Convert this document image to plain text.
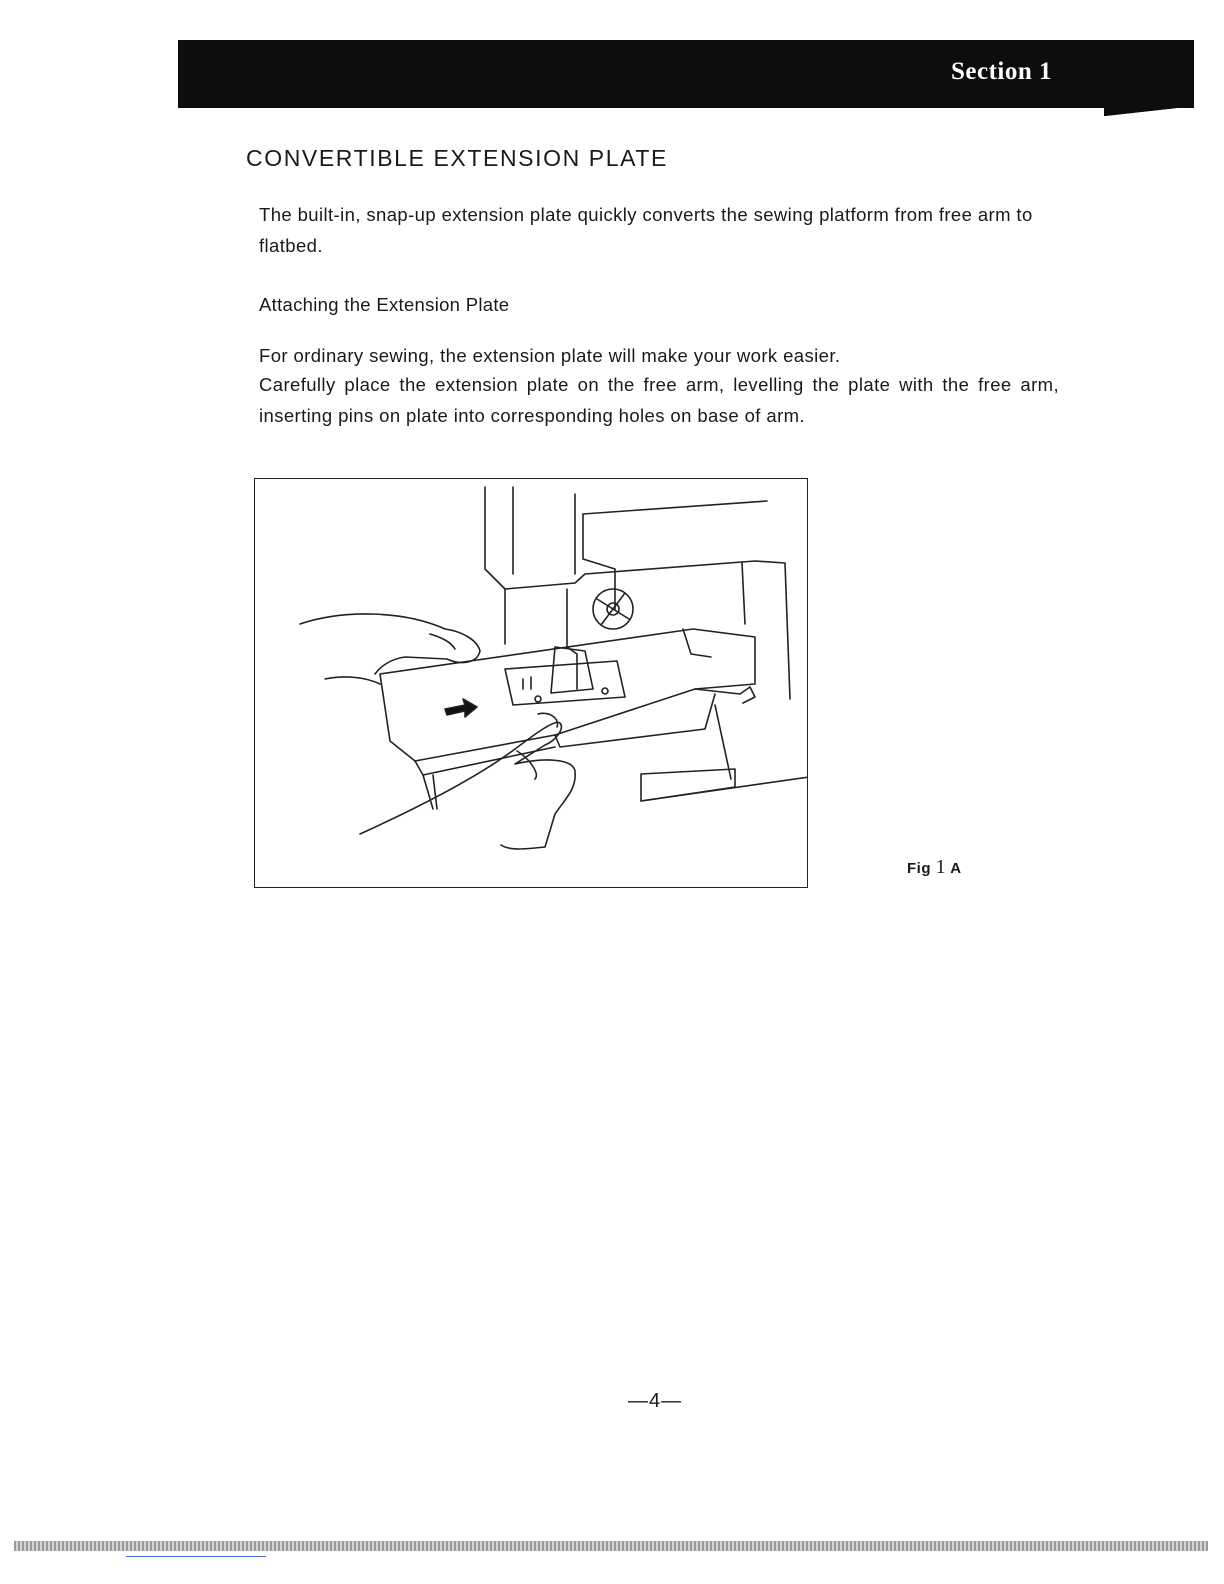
Section 1
CONVERTIBLE EXTENSION PLATE

The built-in, snap-up extension plate quickly converts the sewing platform from free arm to flatbed.

Attaching the Extension Plate

For ordinary sewing, the extension plate will make your work easier.

Carefully place the extension plate on the free arm, levelling the plate with the free arm, inserting pins on plate into corresponding holes on base of arm.

Fig 1 A
—4—
